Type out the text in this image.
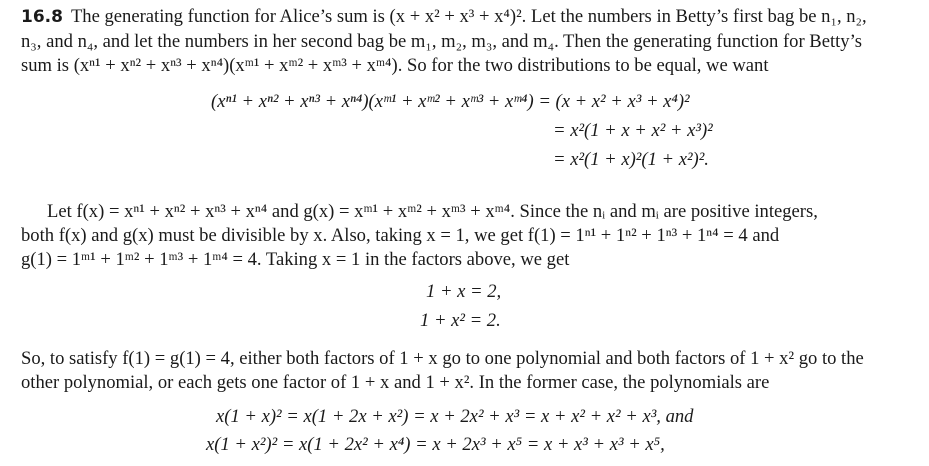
16.8 The generating function for Alice’s sum is (x + x² + x³ + x⁴)². Let the numbers in Betty’s first bag be n₁, n₂,
n₃, and n₄, and let the numbers in her second bag be m₁, m₂, m₃, and m₄. Then the generating function for Betty’s
sum is (xⁿ¹ + xⁿ² + xⁿ³ + xⁿ⁴)(xᵐ¹ + xᵐ² + xᵐ³ + xᵐ⁴). So for the two distributions to be equal, we want
(xⁿ¹ + xⁿ² + xⁿ³ + xⁿ⁴)(xᵐ¹ + xᵐ² + xᵐ³ + xᵐ⁴) = (x + x² + x³ + x⁴)²
= x²(1 + x + x² + x³)²
= x²(1 + x)²(1 + x²)².
Let f(x) = xⁿ¹ + xⁿ² + xⁿ³ + xⁿ⁴ and g(x) = xᵐ¹ + xᵐ² + xᵐ³ + xᵐ⁴. Since the nᵢ and mᵢ are positive integers,
both f(x) and g(x) must be divisible by x. Also, taking x = 1, we get f(1) = 1ⁿ¹ + 1ⁿ² + 1ⁿ³ + 1ⁿ⁴ = 4 and
g(1) = 1ᵐ¹ + 1ᵐ² + 1ᵐ³ + 1ᵐ⁴ = 4. Taking x = 1 in the factors above, we get
1 + x = 2,
1 + x² = 2.
So, to satisfy f(1) = g(1) = 4, either both factors of 1 + x go to one polynomial and both factors of 1 + x² go to the
other polynomial, or each gets one factor of 1 + x and 1 + x². In the former case, the polynomials are
x(1 + x)² = x(1 + 2x + x²) = x + 2x² + x³ = x + x² + x² + x³, and
x(1 + x²)² = x(1 + 2x² + x⁴) = x + 2x³ + x⁵ = x + x³ + x³ + x⁵,
